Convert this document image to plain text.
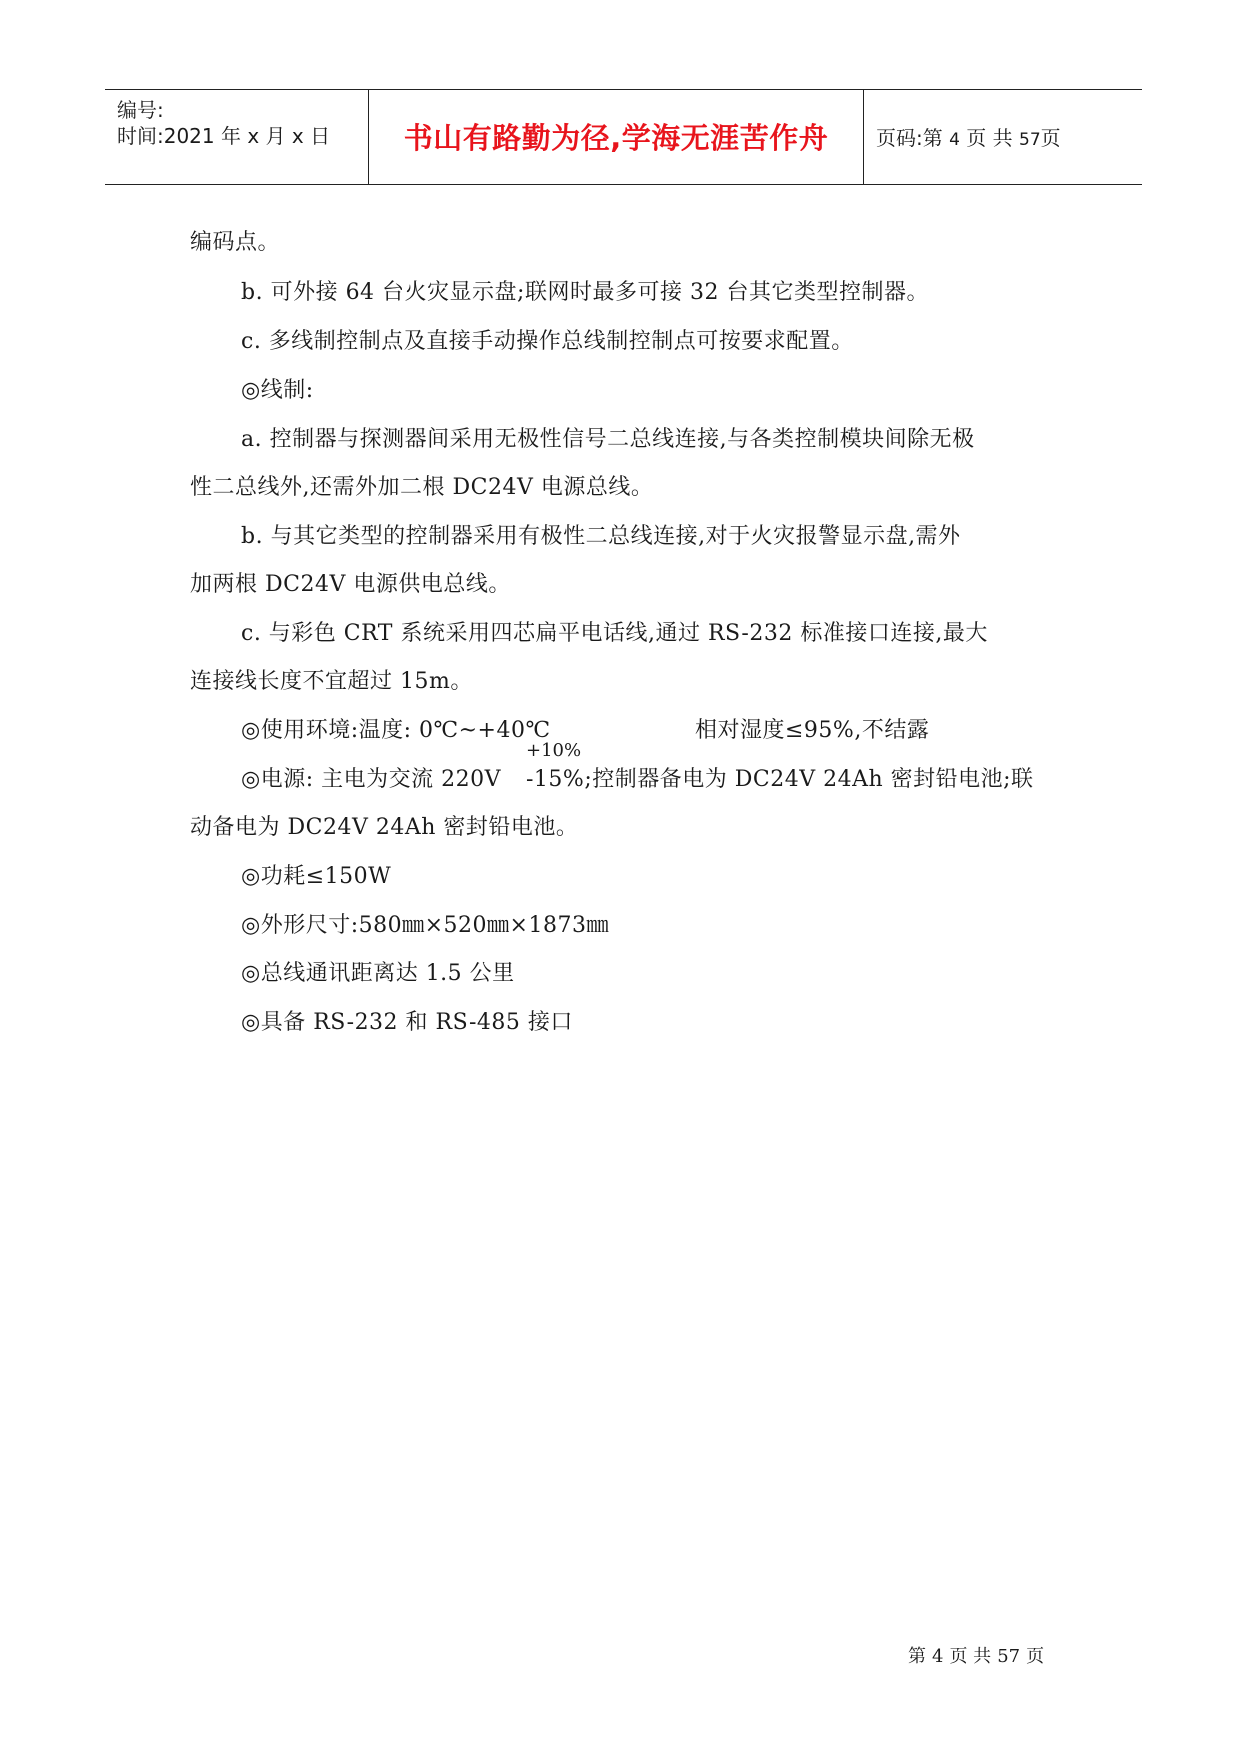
编号:
时间:2021 年 x 月 x 日	书山有路勤为径,学海无涯苦作舟	页码:第 4 页 共 57页
编码点。
b. 可外接 64 台火灾显示盘;联网时最多可接 32 台其它类型控制器。
c. 多线制控制点及直接手动操作总线制控制点可按要求配置。
◎线制:
a. 控制器与探测器间采用无极性信号二总线连接,与各类控制模块间除无极
性二总线外,还需外加二根 DC24V 电源总线。
b. 与其它类型的控制器采用有极性二总线连接,对于火灾报警显示盘,需外
加两根 DC24V 电源供电总线。
c. 与彩色 CRT 系统采用四芯扁平电话线,通过 RS-232 标准接口连接,最大
连接线长度不宜超过 15m。
◎使用环境:温度: 0℃~+40℃	相对湿度≤95%,不结露
+10%
◎电源: 主电为交流 220V -15%;控制器备电为 DC24V 24Ah 密封铅电池;联
动备电为 DC24V 24Ah 密封铅电池。
◎功耗≤150W
◎外形尺寸:580㎜×520㎜×1873㎜
◎总线通讯距离达 1.5 公里
◎具备 RS-232 和 RS-485 接口
第 4 页 共 57 页
